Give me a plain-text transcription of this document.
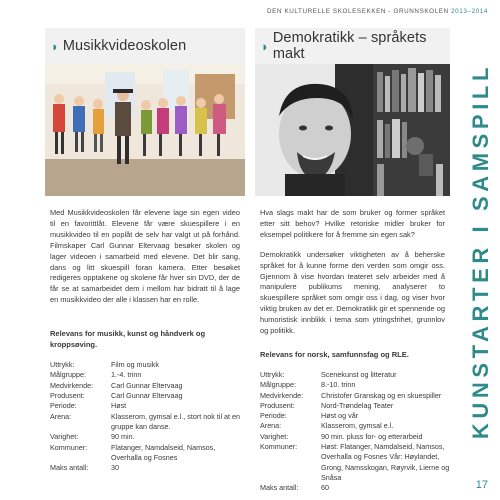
DEN KULTURELLE SKOLESEKKEN - GRUNNSKOLEN 2013–2014
◗ Musikkvideoskolen

Med Musikkvideoskolen får elevene lage sin egen video til en favorittlåt. Elevene får være skuespillere i en musikkvideo til en poplåt de selv har valgt ut på forhånd. Filmskaper Carl Gunnar Eltervaag besøker skolen og lager videoen i samarbeid med elevene. Det blir sang, dans og litt skuespill foran kamera. Etter besøket redigeres opptakene og skolene får hver sin DVD, der de får se at samarbeidet dem i mellom har bidratt til å lage en musikkvideo der alle i klassen har en rolle.

Relevans for musikk, kunst og håndverk og kroppsøving.
Uttrykk:	Film og musikk
Målgruppe:	1.-4. trinn
Medvirkende:	Carl Gunnar Eltervaag
Produsent:	Carl Gunnar Eltervaag
Periode:	Høst
Arena:	Klasserom, gymsal e.l., stort nok til at en gruppe kan danse.
Varighet:	90 min.
Kommuner:	Flatanger, Namdalseid, Namsos, Overhalla og Fosnes
Maks antall:	30
◗ Demokratikk – språkets makt

Hva slags makt har de som bruker og former språket etter sitt behov? Hvilke retoriske midler bruker for eksempel politikere for å fremme sin egen sak?

Demokratikk undersøker viktigheten av å beherske språket for å kunne forme den verden som omgir oss. Gjennom å vise hvordan teateret selv arbeider med å manipulere publikums mening, analyserer to skuespillere språket som omgir oss i dag, og viser hvor viktig bruken av det er. Demokratikk gir et spennende og humoristisk innblikk i tema som ytringsfrihet, grunnlov og politikk.

Relevans for norsk, samfunnsfag og RLE.
Uttrykk:	Scenekunst og litteratur
Målgruppe:	8.-10. trinn
Medvirkende:	Christofer Granskag og en skuespiller
Produsent:	Nord-Trøndelag Teater
Periode:	Høst og vår
Arena:	Klasserom, gymsal e.l.
Varighet:	90 min. pluss for- og etterarbeid
Kommuner:	Høst: Flatanger, Namdalseid, Namsos, Overhalla og Fosnes Vår: Høylandet, Grong, Namsskogan, Røyrvik, Lierne og Snåsa
Maks antall:	60
KUNSTARTER I SAMSPILL
17
